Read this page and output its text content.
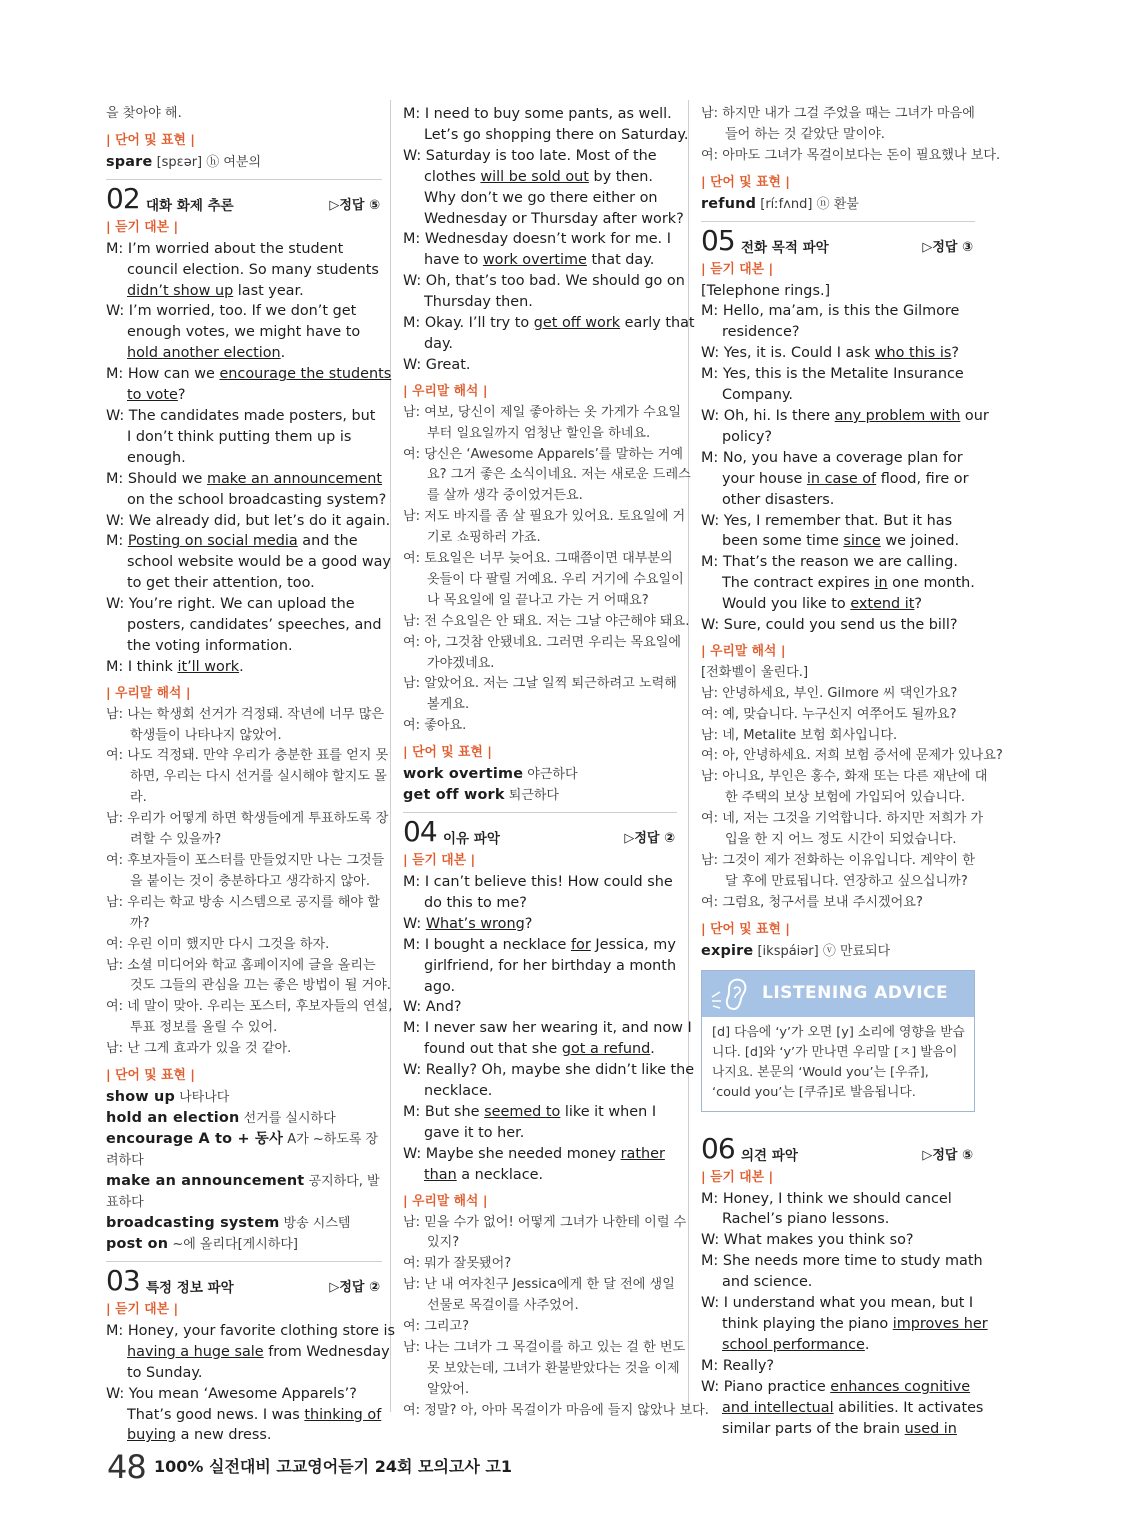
을 찾아야 해.
| 단어 및 표현 |
spare [spɛər] ⓗ 여분의
02 대화 화제 추론	▷정답 ⑤
| 듣기 대본 |
M: I’m worried about the student
council election. So many students
didn’t show up last year.
W: I’m worried, too. If we don’t get
enough votes, we might have to
hold another election.
M: How can we encourage the students
to vote?
W: The candidates made posters, but
I don’t think putting them up is
enough.
M: Should we make an announcement
on the school broadcasting system?
W: We already did, but let’s do it again.
M: Posting on social media and the
school website would be a good way
to get their attention, too.
W: You’re right. We can upload the
posters, candidates’ speeches, and
the voting information.
M: I think it’ll work.
| 우리말 해석 |
남: 나는 학생회 선거가 걱정돼. 작년에 너무 많은
학생들이 나타나지 않았어.
여: 나도 걱정돼. 만약 우리가 충분한 표를 얻지 못
하면, 우리는 다시 선거를 실시해야 할지도 몰
라.
남: 우리가 어떻게 하면 학생들에게 투표하도록 장
려할 수 있을까?
여: 후보자들이 포스터를 만들었지만 나는 그것들
을 붙이는 것이 충분하다고 생각하지 않아.
남: 우리는 학교 방송 시스템으로 공지를 해야 할
까?
여: 우린 이미 했지만 다시 그것을 하자.
남: 소셜 미디어와 학교 홈페이지에 글을 올리는
것도 그들의 관심을 끄는 좋은 방법이 될 거야.
여: 네 말이 맞아. 우리는 포스터, 후보자들의 연설,
투표 정보를 올릴 수 있어.
남: 난 그게 효과가 있을 것 같아.
| 단어 및 표현 |
show up 나타나다
hold an election 선거를 실시하다
encourage A to + 동사 A가 ~하도록 장
려하다
make an announcement 공지하다, 발
표하다
broadcasting system 방송 시스템
post on ~에 올리다[게시하다]
03 특정 정보 파악	▷정답 ②
| 듣기 대본 |
M: Honey, your favorite clothing store is
having a huge sale from Wednesday
to Sunday.
W: You mean ‘Awesome Apparels’?
That’s good news. I was thinking of
buying a new dress.
M: I need to buy some pants, as well.
Let’s go shopping there on Saturday.
W: Saturday is too late. Most of the
clothes will be sold out by then.
Why don’t we go there either on
Wednesday or Thursday after work?
M: Wednesday doesn’t work for me. I
have to work overtime that day.
W: Oh, that’s too bad. We should go on
Thursday then.
M: Okay. I’ll try to get off work early that
day.
W: Great.
| 우리말 해석 |
남: 여보, 당신이 제일 좋아하는 옷 가게가 수요일
부터 일요일까지 엄청난 할인을 하네요.
여: 당신은 ‘Awesome Apparels’를 말하는 거예
요? 그거 좋은 소식이네요. 저는 새로운 드레스
를 살까 생각 중이었거든요.
남: 저도 바지를 좀 살 필요가 있어요. 토요일에 거
기로 쇼핑하러 가죠.
여: 토요일은 너무 늦어요. 그때쯤이면 대부분의
옷들이 다 팔릴 거예요. 우리 거기에 수요일이
나 목요일에 일 끝나고 가는 거 어때요?
남: 전 수요일은 안 돼요. 저는 그날 야근해야 돼요.
여: 아, 그것참 안됐네요. 그러면 우리는 목요일에
가야겠네요.
남: 알았어요. 저는 그날 일찍 퇴근하려고 노력해
볼게요.
여: 좋아요.
| 단어 및 표현 |
work overtime 야근하다
get off work 퇴근하다
04 이유 파악	▷정답 ②
| 듣기 대본 |
M: I can’t believe this! How could she
do this to me?
W: What’s wrong?
M: I bought a necklace for Jessica, my
girlfriend, for her birthday a month
ago.
W: And?
M: I never saw her wearing it, and now I
found out that she got a refund.
W: Really? Oh, maybe she didn’t like the
necklace.
M: But she seemed to like it when I
gave it to her.
W: Maybe she needed money rather
than a necklace.
| 우리말 해석 |
남: 믿을 수가 없어! 어떻게 그녀가 나한테 이럴 수
있지?
여: 뭐가 잘못됐어?
남: 난 내 여자친구 Jessica에게 한 달 전에 생일
선물로 목걸이를 사주었어.
여: 그리고?
남: 나는 그녀가 그 목걸이를 하고 있는 걸 한 번도
못 보았는데, 그녀가 환불받았다는 것을 이제
알았어.
여: 정말? 아, 아마 목걸이가 마음에 들지 않았나 보다.
남: 하지만 내가 그걸 주었을 때는 그녀가 마음에
들어 하는 것 같았단 말이야.
여: 아마도 그녀가 목걸이보다는 돈이 필요했나 보다.
| 단어 및 표현 |
refund [ríːfʌnd] ⓝ 환불
05 전화 목적 파악	▷정답 ③
| 듣기 대본 |
[Telephone rings.]
M: Hello, ma’am, is this the Gilmore
residence?
W: Yes, it is. Could I ask who this is?
M: Yes, this is the Metalite Insurance
Company.
W: Oh, hi. Is there any problem with our
policy?
M: No, you have a coverage plan for
your house in case of flood, fire or
other disasters.
W: Yes, I remember that. But it has
been some time since we joined.
M: That’s the reason we are calling.
The contract expires in one month.
Would you like to extend it?
W: Sure, could you send us the bill?
| 우리말 해석 |
[전화벨이 울린다.]
남: 안녕하세요, 부인. Gilmore 씨 댁인가요?
여: 예, 맞습니다. 누구신지 여쭈어도 될까요?
남: 네, Metalite 보험 회사입니다.
여: 아, 안녕하세요. 저희 보험 증서에 문제가 있나요?
남: 아니요, 부인은 홍수, 화재 또는 다른 재난에 대
한 주택의 보상 보험에 가입되어 있습니다.
여: 네, 저는 그것을 기억합니다. 하지만 저희가 가
입을 한 지 어느 정도 시간이 되었습니다.
남: 그것이 제가 전화하는 이유입니다. 계약이 한
달 후에 만료됩니다. 연장하고 싶으십니까?
여: 그럼요, 청구서를 보내 주시겠어요?
| 단어 및 표현 |
expire [ikspáiər] ⓥ 만료되다
LISTENING ADVICE
[d] 다음에 ‘y’가 오면 [y] 소리에 영향을 받습
니다. [d]와 ‘y’가 만나면 우리말 [ㅈ] 발음이
나지요. 본문의 ‘Would you’는 [우쥬],
‘could you’는 [쿠쥬]로 발음됩니다.
06 의견 파악	▷정답 ⑤
| 듣기 대본 |
M: Honey, I think we should cancel
Rachel’s piano lessons.
W: What makes you think so?
M: She needs more time to study math
and science.
W: I understand what you mean, but I
think playing the piano improves her
school performance.
M: Really?
W: Piano practice enhances cognitive
and intellectual abilities. It activates
similar parts of the brain used in
48 100% 실전대비 고교영어듣기 24회 모의고사 고1
